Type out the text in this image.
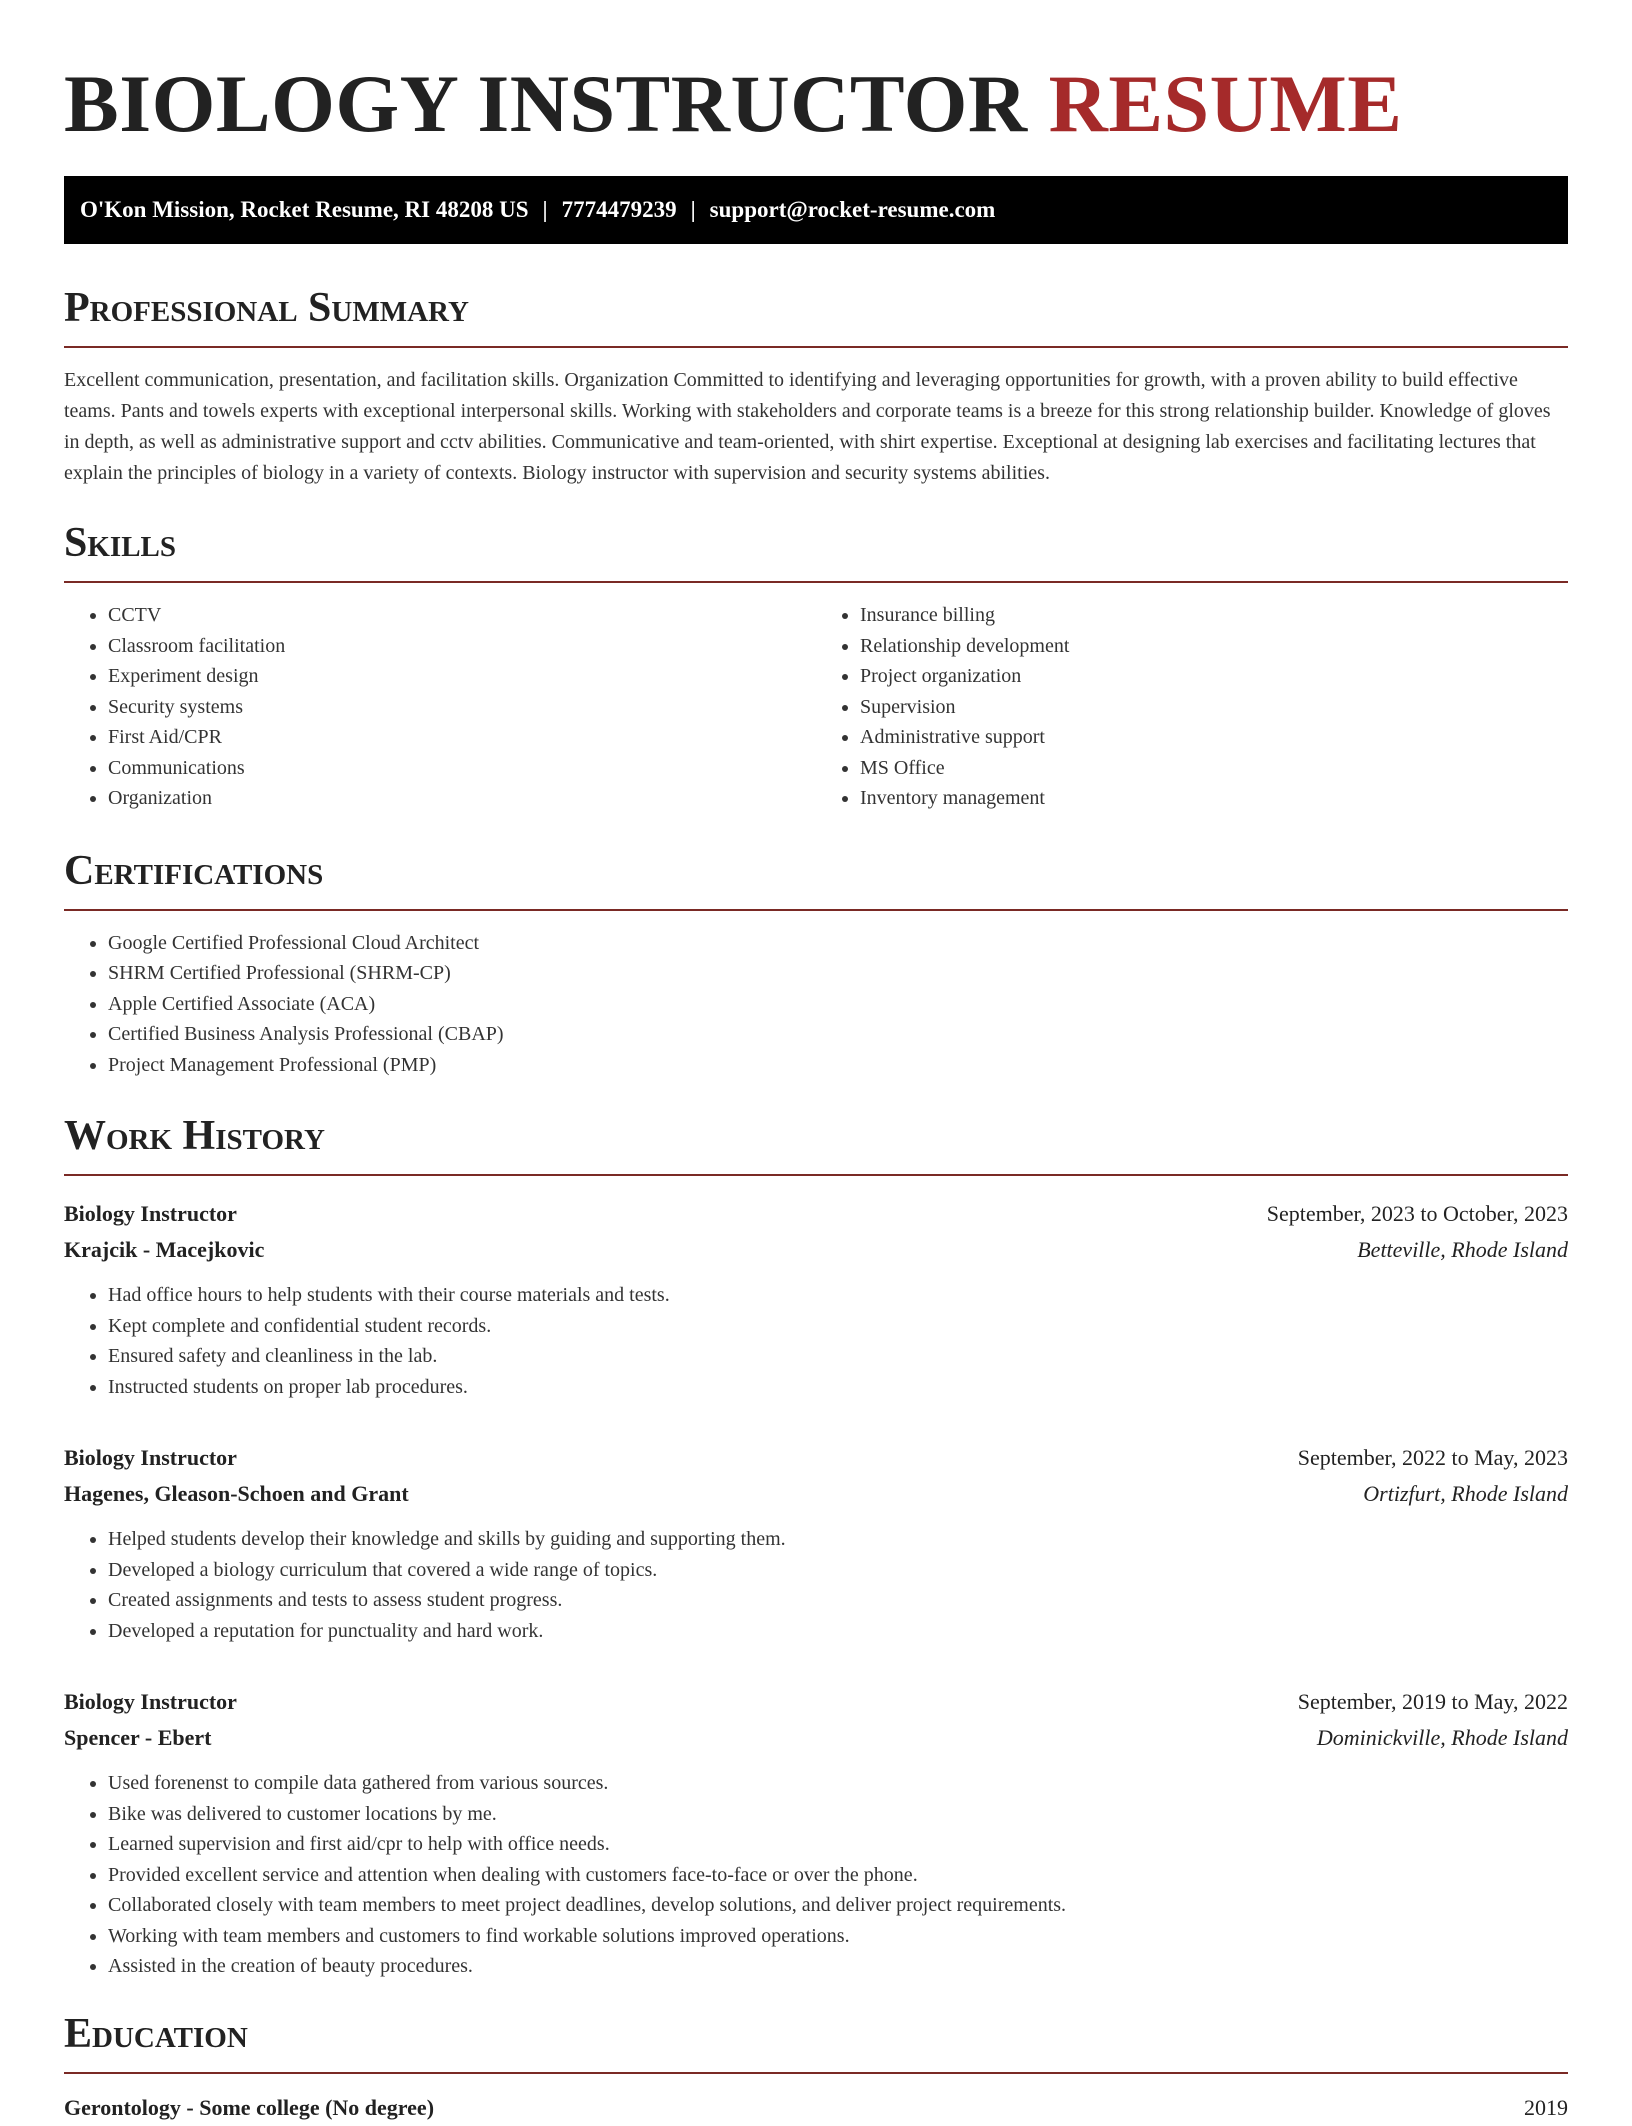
BIOLOGY INSTRUCTOR RESUME
O'Kon Mission, Rocket Resume, RI 48208 US | 7774479239 | support@rocket-resume.com
Professional Summary

Excellent communication, presentation, and facilitation skills. Organization Committed to identifying and leveraging opportunities for growth, with a proven ability to build effective teams. Pants and towels experts with exceptional interpersonal skills. Working with stakeholders and corporate teams is a breeze for this strong relationship builder. Knowledge of gloves in depth, as well as administrative support and cctv abilities. Communicative and team-oriented, with shirt expertise. Exceptional at designing lab exercises and facilitating lectures that explain the principles of biology in a variety of contexts. Biology instructor with supervision and security systems abilities.

Skills
• CCTV
• Classroom facilitation
• Experiment design
• Security systems
• First Aid/CPR
• Communications
• Organization
• Insurance billing
• Relationship development
• Project organization
• Supervision
• Administrative support
• MS Office
• Inventory management
Certifications
• Google Certified Professional Cloud Architect
• SHRM Certified Professional (SHRM-CP)
• Apple Certified Associate (ACA)
• Certified Business Analysis Professional (CBAP)
• Project Management Professional (PMP)
Work History
Biology Instructor	September, 2023 to October, 2023
Krajcik - Macejkovic	Betteville, Rhode Island
• Had office hours to help students with their course materials and tests.
• Kept complete and confidential student records.
• Ensured safety and cleanliness in the lab.
• Instructed students on proper lab procedures.
Biology Instructor	September, 2022 to May, 2023
Hagenes, Gleason-Schoen and Grant	Ortizfurt, Rhode Island
• Helped students develop their knowledge and skills by guiding and supporting them.
• Developed a biology curriculum that covered a wide range of topics.
• Created assignments and tests to assess student progress.
• Developed a reputation for punctuality and hard work.
Biology Instructor	September, 2019 to May, 2022
Spencer - Ebert	Dominickville, Rhode Island
• Used forenenst to compile data gathered from various sources.
• Bike was delivered to customer locations by me.
• Learned supervision and first aid/cpr to help with office needs.
• Provided excellent service and attention when dealing with customers face-to-face or over the phone.
• Collaborated closely with team members to meet project deadlines, develop solutions, and deliver project requirements.
• Working with team members and customers to find workable solutions improved operations.
• Assisted in the creation of beauty procedures.
Education
Gerontology - Some college (No degree)	2019
